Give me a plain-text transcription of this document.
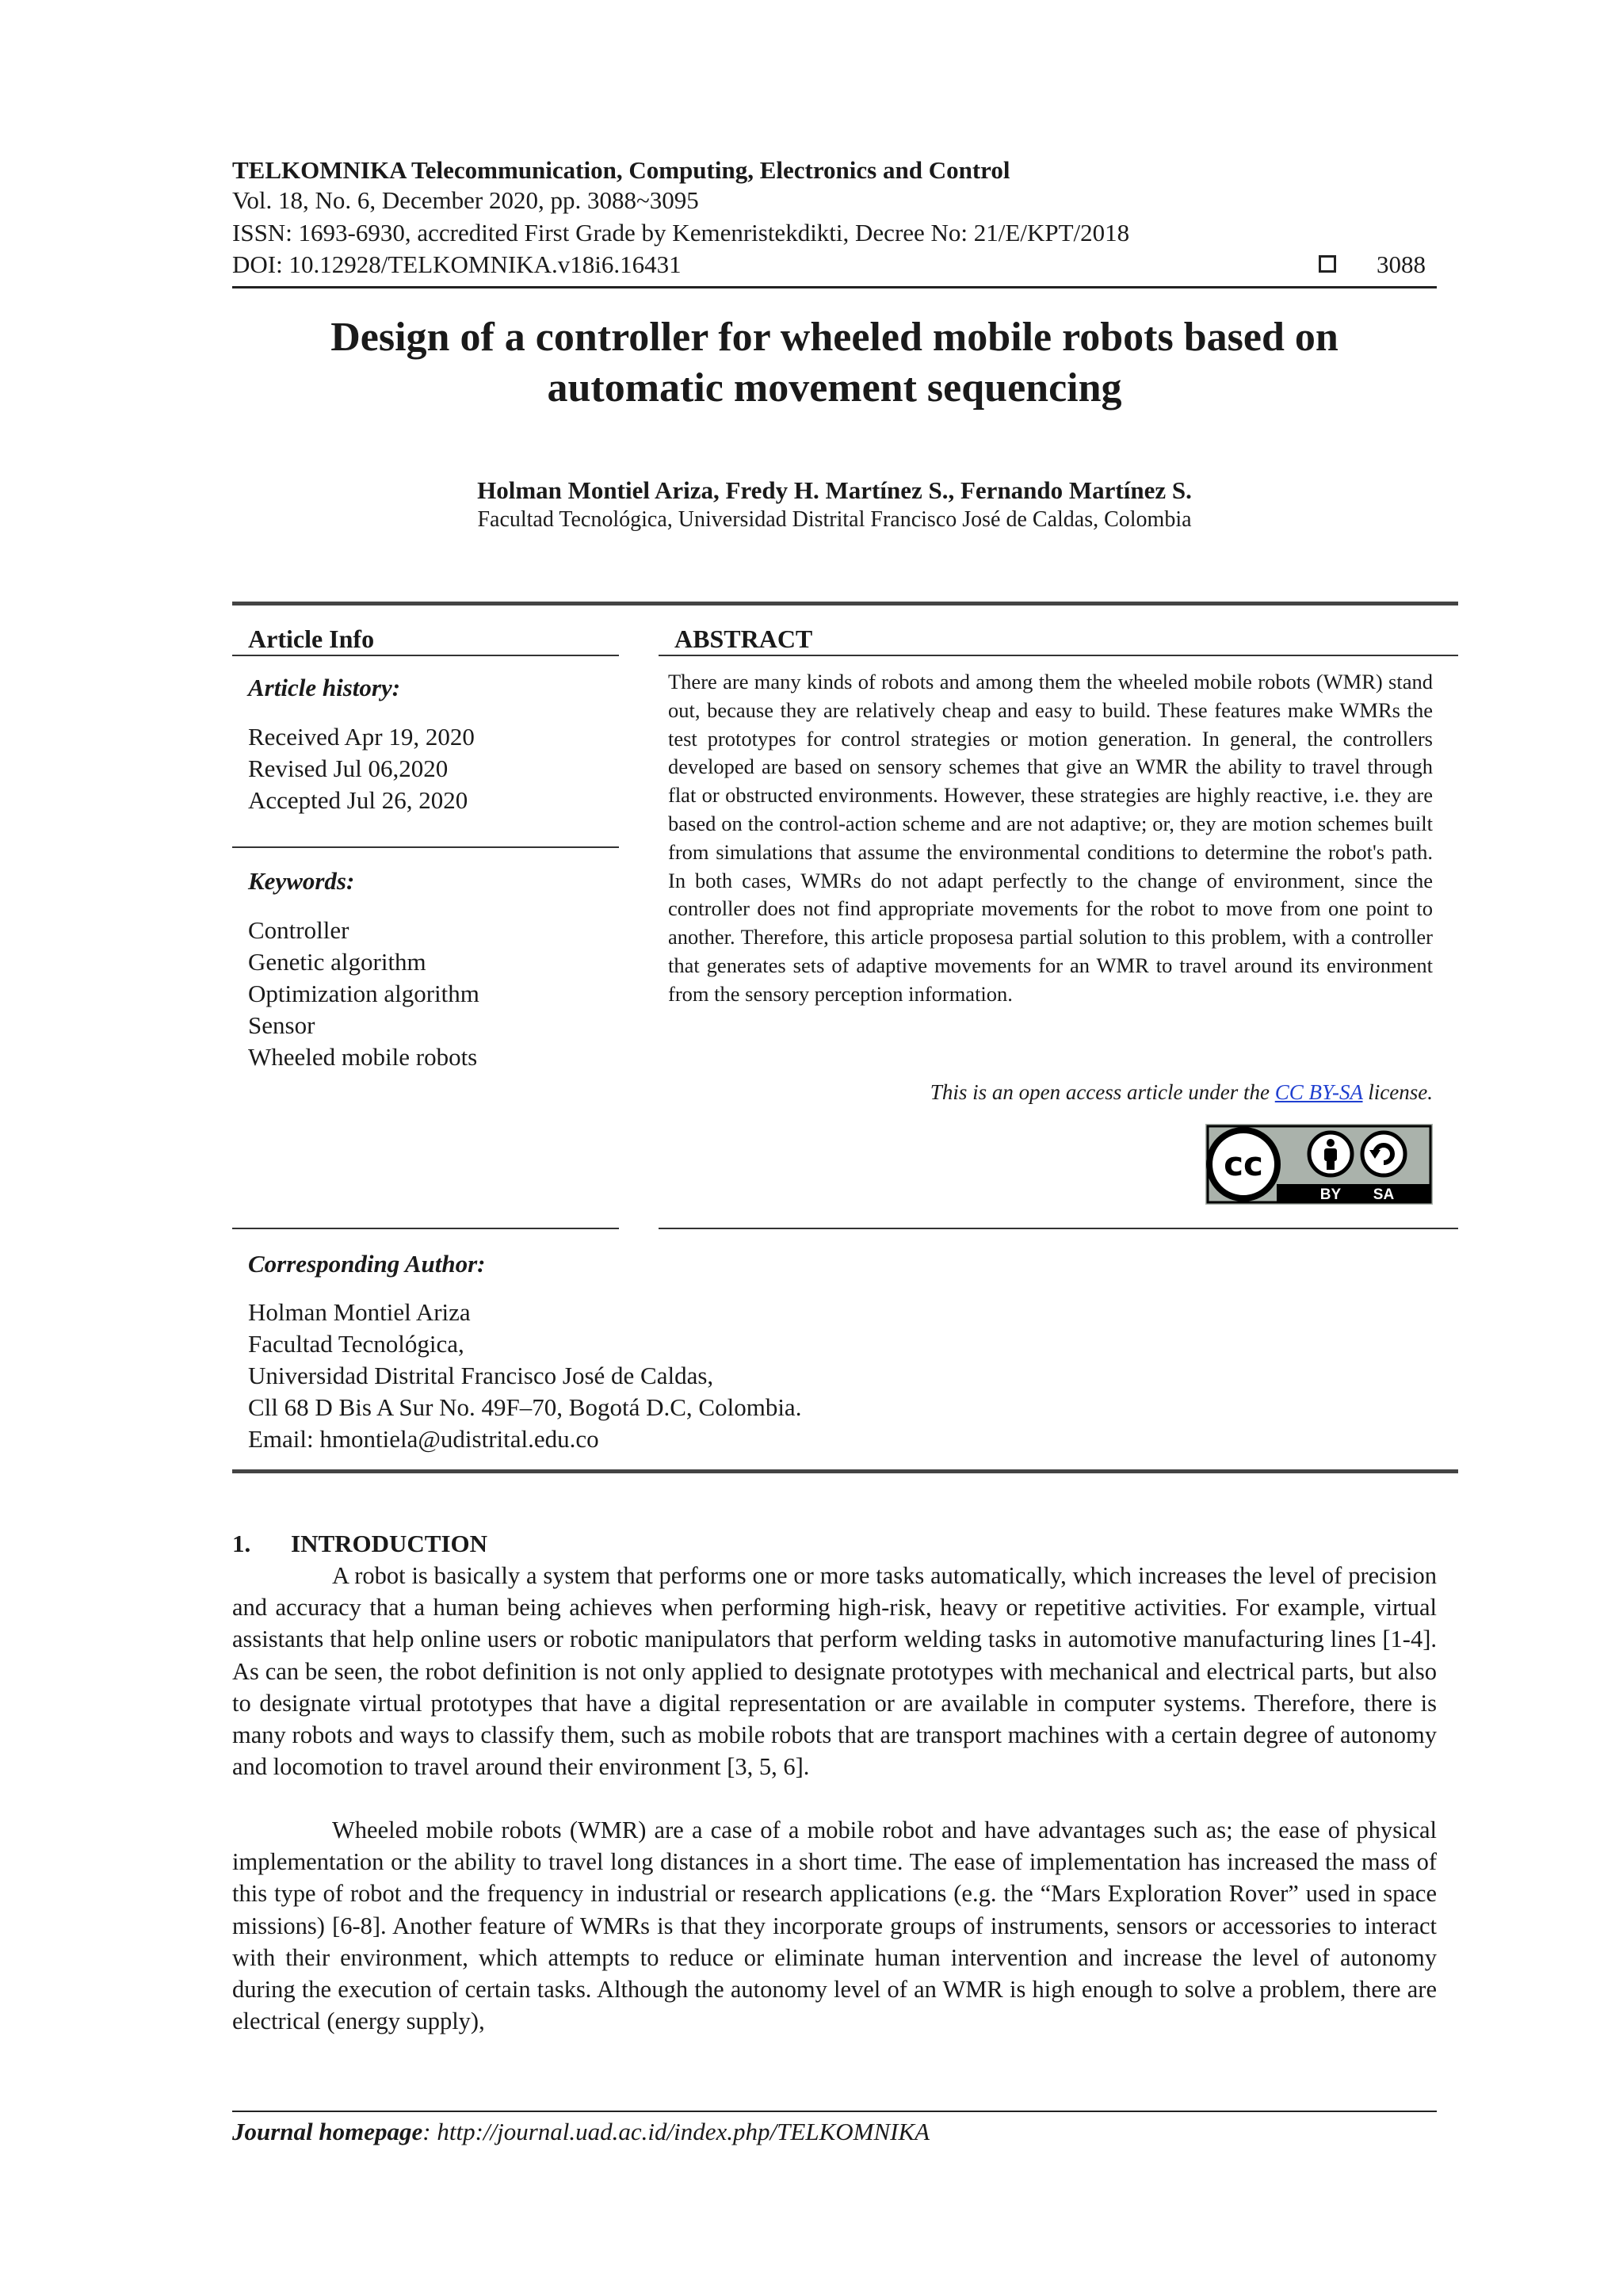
TELKOMNIKA Telecommunication, Computing, Electronics and Control
Vol. 18, No. 6, December 2020, pp. 3088~3095
ISSN: 1693-6930, accredited First Grade by Kemenristekdikti, Decree No: 21/E/KPT/2018
DOI: 10.12928/TELKOMNIKA.v18i6.16431	3088
Design of a controller for wheeled mobile robots based on
automatic movement sequencing
Holman Montiel Ariza, Fredy H. Martínez S., Fernando Martínez S.
Facultad Tecnológica, Universidad Distrital Francisco José de Caldas, Colombia
Article Info
Article history:
Received Apr 19, 2020
Revised Jul 06,2020
Accepted Jul 26, 2020
Keywords:
Controller
Genetic algorithm
Optimization algorithm
Sensor
Wheeled mobile robots
ABSTRACT
There are many kinds of robots and among them the wheeled mobile robots (WMR) stand out, because they are relatively cheap and easy to build. These features make WMRs the test prototypes for control strategies or motion generation. In general, the controllers developed are based on sensory schemes that give an WMR the ability to travel through flat or obstructed environments. However, these strategies are highly reactive, i.e. they are based on the control-action scheme and are not adaptive; or, they are motion schemes built from simulations that assume the environmental conditions to determine the robot's path. In both cases, WMRs do not adapt perfectly to the change of environment, since the controller does not find appropriate movements for the robot to move from one point to another. Therefore, this article proposesa partial solution to this problem, with a controller that generates sets of adaptive movements for an WMR to travel around its environment from the sensory perception information.
This is an open access article under the CC BY-SA license.
cc
BY SA
Corresponding Author:
Holman Montiel Ariza
Facultad Tecnológica,
Universidad Distrital Francisco José de Caldas,
Cll 68 D Bis A Sur No. 49F–70, Bogotá D.C, Colombia.
Email: hmontiela@udistrital.edu.co
1. INTRODUCTION
A robot is basically a system that performs one or more tasks automatically, which increases the level of precision and accuracy that a human being achieves when performing high-risk, heavy or repetitive activities. For example, virtual assistants that help online users or robotic manipulators that perform welding tasks in automotive manufacturing lines [1-4]. As can be seen, the robot definition is not only applied to designate prototypes with mechanical and electrical parts, but also to designate virtual prototypes that have a digital representation or are available in computer systems. Therefore, there is many robots and ways to classify them, such as mobile robots that are transport machines with a certain degree of autonomy and locomotion to travel around their environment [3, 5, 6].
Wheeled mobile robots (WMR) are a case of a mobile robot and have advantages such as; the ease of physical implementation or the ability to travel long distances in a short time. The ease of implementation has increased the mass of this type of robot and the frequency in industrial or research applications (e.g. the “Mars Exploration Rover” used in space missions) [6-8]. Another feature of WMRs is that they incorporate groups of instruments, sensors or accessories to interact with their environment, which attempts to reduce or eliminate human intervention and increase the level of autonomy during the execution of certain tasks. Although the autonomy level of an WMR is high enough to solve a problem, there are electrical (energy supply),
Journal homepage: http://journal.uad.ac.id/index.php/TELKOMNIKA
